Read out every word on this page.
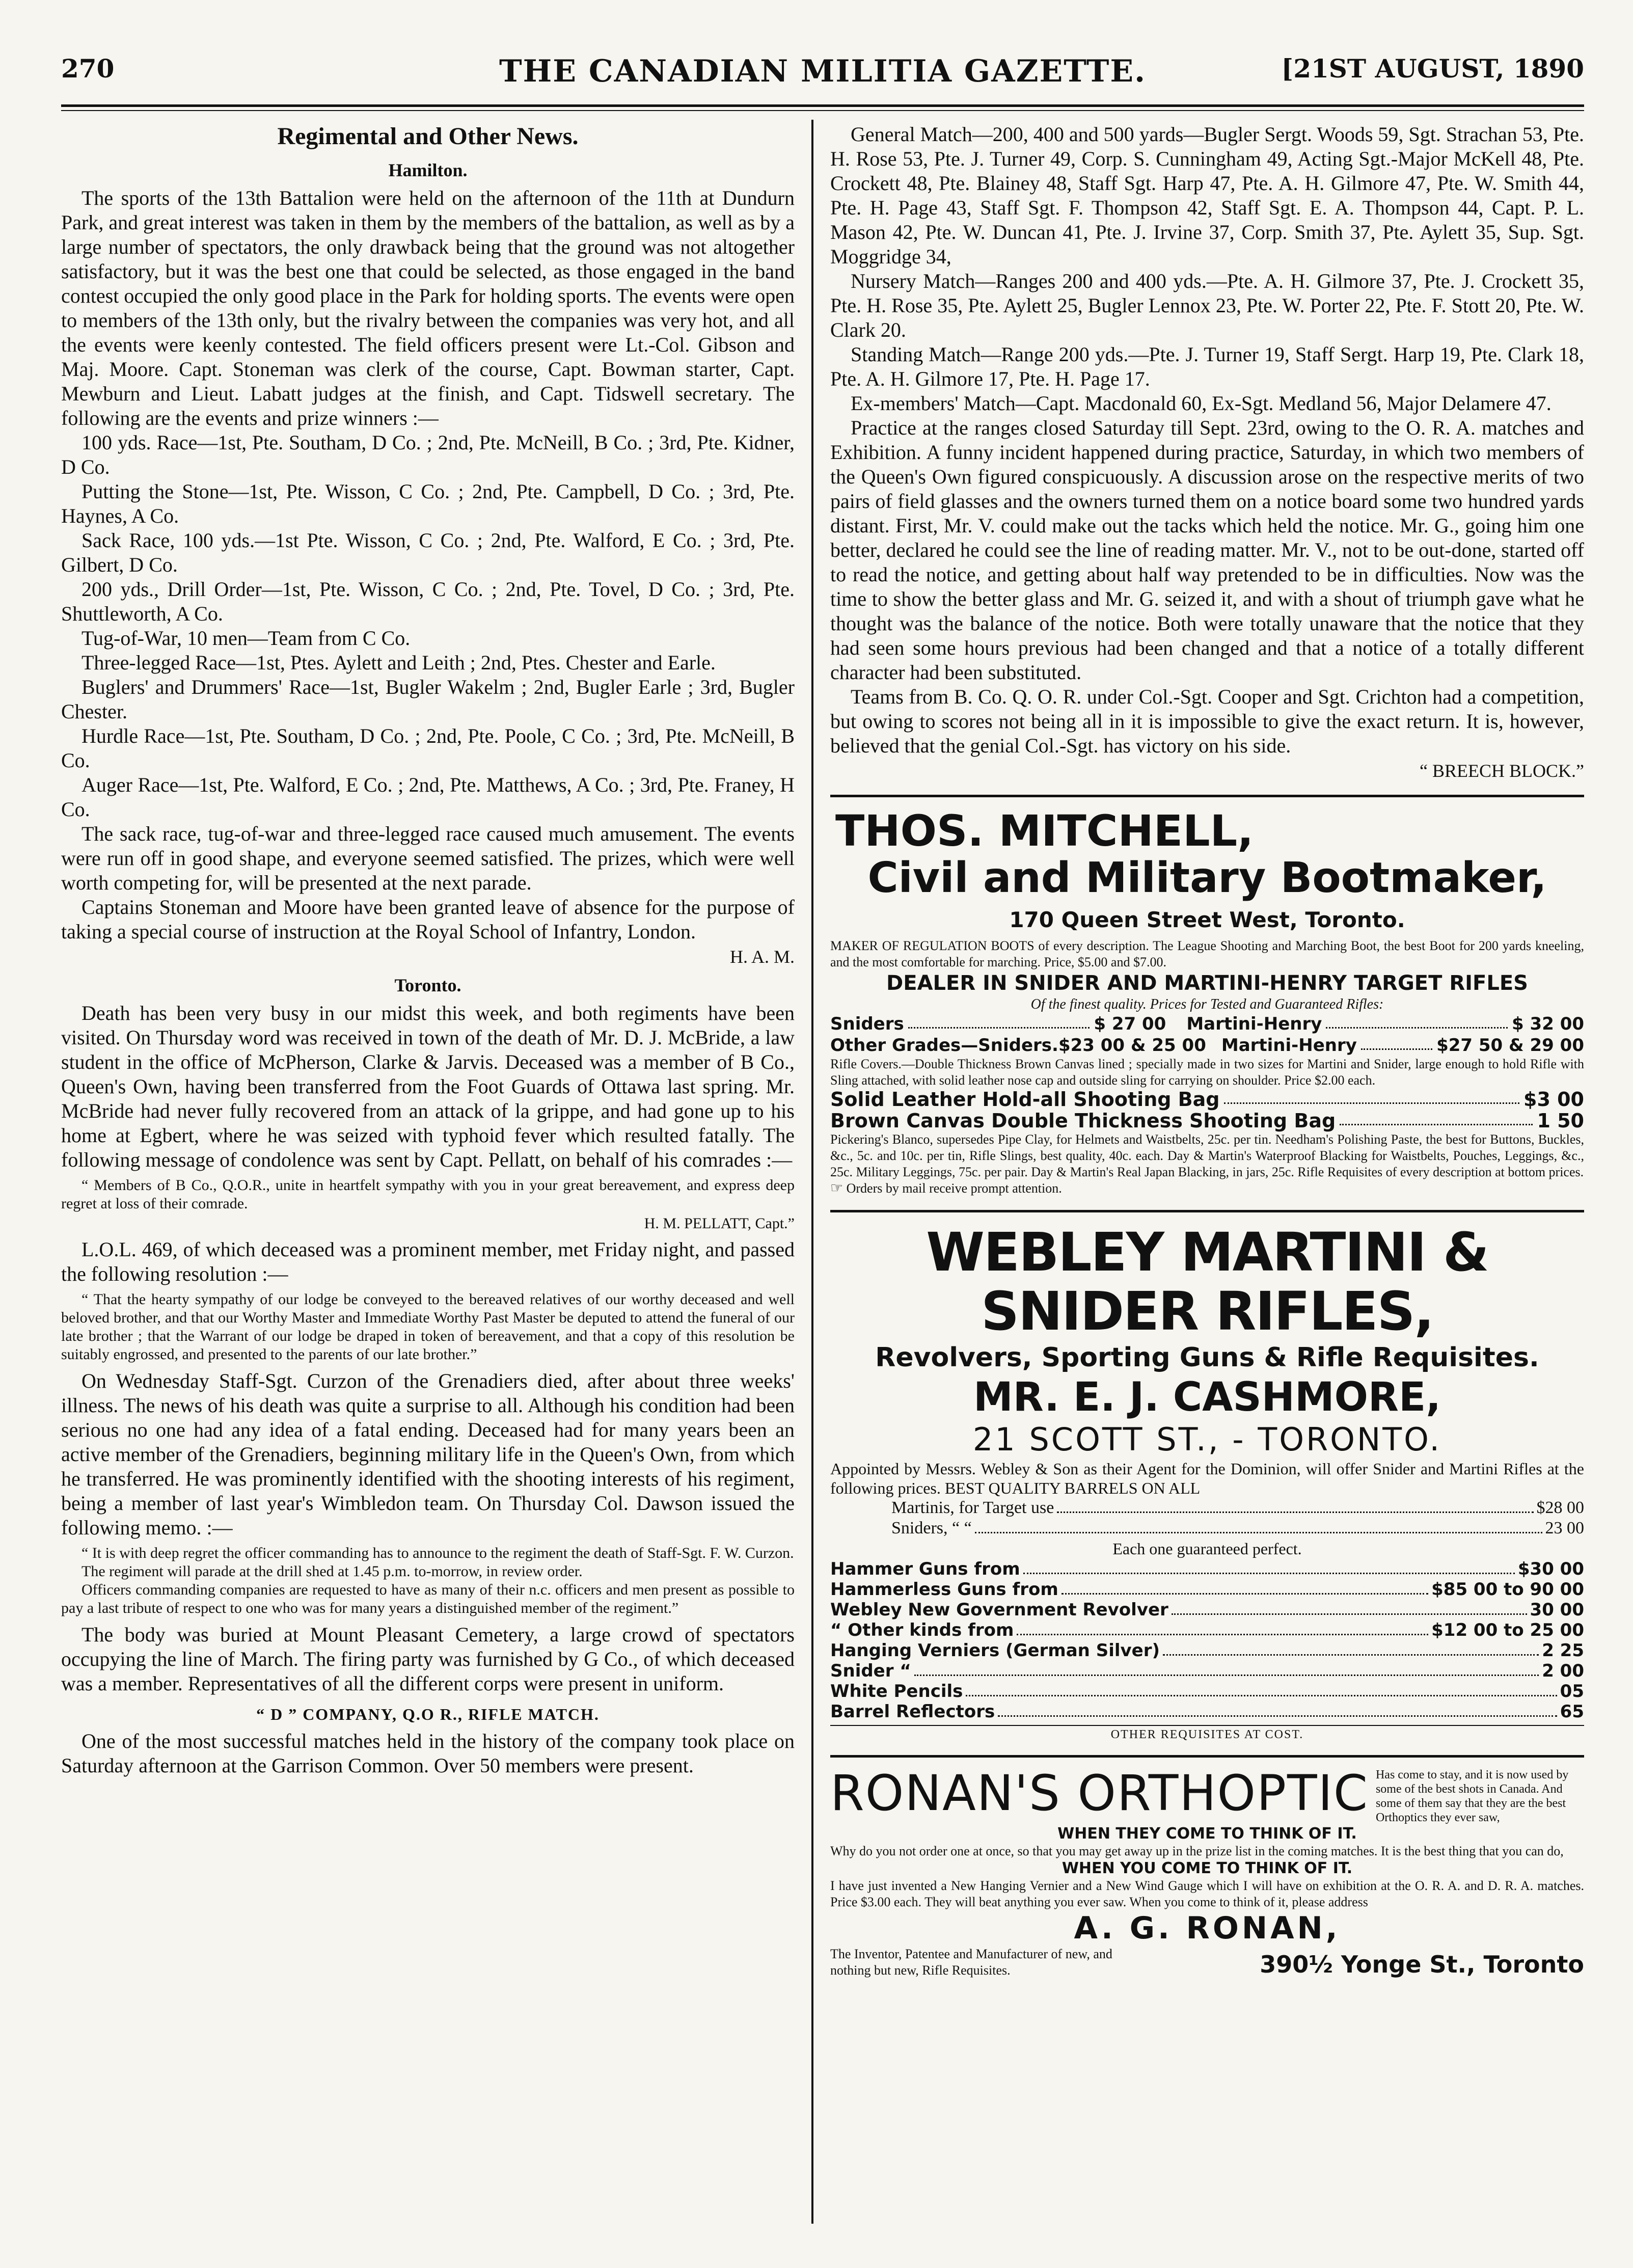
270	THE CANADIAN MILITIA GAZETTE.	[21ST AUGUST, 1890
Regimental and Other News.
Hamilton.

The sports of the 13th Battalion were held on the afternoon of the 11th at Dundurn Park, and great interest was taken in them by the members of the battalion, as well as by a large number of spectators, the only drawback being that the ground was not altogether satisfactory, but it was the best one that could be selected, as those engaged in the band contest occupied the only good place in the Park for holding sports. The events were open to members of the 13th only, but the rivalry between the companies was very hot, and all the events were keenly contested. The field officers present were Lt.-Col. Gibson and Maj. Moore. Capt. Stoneman was clerk of the course, Capt. Bowman starter, Capt. Mewburn and Lieut. Labatt judges at the finish, and Capt. Tidswell secretary. The following are the events and prize winners :—

100 yds. Race—1st, Pte. Southam, D Co. ; 2nd, Pte. McNeill, B Co. ; 3rd, Pte. Kidner, D Co.

Putting the Stone—1st, Pte. Wisson, C Co. ; 2nd, Pte. Campbell, D Co. ; 3rd, Pte. Haynes, A Co.

Sack Race, 100 yds.—1st Pte. Wisson, C Co. ; 2nd, Pte. Walford, E Co. ; 3rd, Pte. Gilbert, D Co.

200 yds., Drill Order—1st, Pte. Wisson, C Co. ; 2nd, Pte. Tovel, D Co. ; 3rd, Pte. Shuttleworth, A Co.

Tug-of-War, 10 men—Team from C Co.

Three-legged Race—1st, Ptes. Aylett and Leith ; 2nd, Ptes. Chester and Earle.

Buglers' and Drummers' Race—1st, Bugler Wakelm ; 2nd, Bugler Earle ; 3rd, Bugler Chester.

Hurdle Race—1st, Pte. Southam, D Co. ; 2nd, Pte. Poole, C Co. ; 3rd, Pte. McNeill, B Co.

Auger Race—1st, Pte. Walford, E Co. ; 2nd, Pte. Matthews, A Co. ; 3rd, Pte. Franey, H Co.

The sack race, tug-of-war and three-legged race caused much amusement. The events were run off in good shape, and everyone seemed satisfied. The prizes, which were well worth competing for, will be presented at the next parade.

Captains Stoneman and Moore have been granted leave of absence for the purpose of taking a special course of instruction at the Royal School of Infantry, London.

H. A. M.
Toronto.

Death has been very busy in our midst this week, and both regiments have been visited. On Thursday word was received in town of the death of Mr. D. J. McBride, a law student in the office of McPherson, Clarke & Jarvis. Deceased was a member of B Co., Queen's Own, having been transferred from the Foot Guards of Ottawa last spring. Mr. McBride had never fully recovered from an attack of la grippe, and had gone up to his home at Egbert, where he was seized with typhoid fever which resulted fatally. The following message of condolence was sent by Capt. Pellatt, on behalf of his comrades :—

“ Members of B Co., Q.O.R., unite in heartfelt sympathy with you in your great bereavement, and express deep regret at loss of their comrade.

H. M. PELLATT, Capt.”

L.O.L. 469, of which deceased was a prominent member, met Friday night, and passed the following resolution :—

“ That the hearty sympathy of our lodge be conveyed to the bereaved relatives of our worthy deceased and well beloved brother, and that our Worthy Master and Immediate Worthy Past Master be deputed to attend the funeral of our late brother ; that the Warrant of our lodge be draped in token of bereavement, and that a copy of this resolution be suitably engrossed, and presented to the parents of our late brother.”

On Wednesday Staff-Sgt. Curzon of the Grenadiers died, after about three weeks' illness. The news of his death was quite a surprise to all. Although his condition had been serious no one had any idea of a fatal ending. Deceased had for many years been an active member of the Grenadiers, beginning military life in the Queen's Own, from which he transferred. He was prominently identified with the shooting interests of his regiment, being a member of last year's Wimbledon team. On Thursday Col. Dawson issued the following memo. :—

“ It is with deep regret the officer commanding has to announce to the regiment the death of Staff-Sgt. F. W. Curzon.

The regiment will parade at the drill shed at 1.45 p.m. to-morrow, in review order.

Officers commanding companies are requested to have as many of their n.c. officers and men present as possible to pay a last tribute of respect to one who was for many years a distinguished member of the regiment.”

The body was buried at Mount Pleasant Cemetery, a large crowd of spectators occupying the line of March. The firing party was furnished by G Co., of which deceased was a member. Representatives of all the different corps were present in uniform.

“ D ” COMPANY, Q.O R., RIFLE MATCH.

One of the most successful matches held in the history of the company took place on Saturday afternoon at the Garrison Common. Over 50 members were present.

General Match—200, 400 and 500 yards—Bugler Sergt. Woods 59, Sgt. Strachan 53, Pte. H. Rose 53, Pte. J. Turner 49, Corp. S. Cunningham 49, Acting Sgt.-Major McKell 48, Pte. Crockett 48, Pte. Blainey 48, Staff Sgt. Harp 47, Pte. A. H. Gilmore 47, Pte. W. Smith 44, Pte. H. Page 43, Staff Sgt. F. Thompson 42, Staff Sgt. E. A. Thompson 44, Capt. P. L. Mason 42, Pte. W. Duncan 41, Pte. J. Irvine 37, Corp. Smith 37, Pte. Aylett 35, Sup. Sgt. Moggridge 34,

Nursery Match—Ranges 200 and 400 yds.—Pte. A. H. Gilmore 37, Pte. J. Crockett 35, Pte. H. Rose 35, Pte. Aylett 25, Bugler Lennox 23, Pte. W. Porter 22, Pte. F. Stott 20, Pte. W. Clark 20.

Standing Match—Range 200 yds.—Pte. J. Turner 19, Staff Sergt. Harp 19, Pte. Clark 18, Pte. A. H. Gilmore 17, Pte. H. Page 17.

Ex-members' Match—Capt. Macdonald 60, Ex-Sgt. Medland 56, Major Delamere 47.

Practice at the ranges closed Saturday till Sept. 23rd, owing to the O. R. A. matches and Exhibition. A funny incident happened during practice, Saturday, in which two members of the Queen's Own figured conspicuously. A discussion arose on the respective merits of two pairs of field glasses and the owners turned them on a notice board some two hundred yards distant. First, Mr. V. could make out the tacks which held the notice. Mr. G., going him one better, declared he could see the line of reading matter. Mr. V., not to be out-done, started off to read the notice, and getting about half way pretended to be in difficulties. Now was the time to show the better glass and Mr. G. seized it, and with a shout of triumph gave what he thought was the balance of the notice. Both were totally unaware that the notice that they had seen some hours previous had been changed and that a notice of a totally different character had been substituted.

Teams from B. Co. Q. O. R. under Col.-Sgt. Cooper and Sgt. Crichton had a competition, but owing to scores not being all in it is impossible to give the exact return. It is, however, believed that the genial Col.-Sgt. has victory on his side.

“ BREECH BLOCK.”
THOS. MITCHELL,
Civil and Military Bootmaker,
170 Queen Street West, Toronto.
MAKER OF REGULATION BOOTS of every description. The League Shooting and Marching Boot, the best Boot for 200 yards kneeling, and the most comfortable for marching. Price, $5.00 and $7.00.
DEALER IN SNIDER AND MARTINI-HENRY TARGET RIFLES
Of the finest quality. Prices for Tested and Guaranteed Rifles:
Sniders	$ 27 00 Martini-Henry	$ 32 00
Other Grades—Sniders.$23 00 & 25 00 Martini-Henry	$27 50 & 29 00
Rifle Covers.—Double Thickness Brown Canvas lined ; specially made in two sizes for Martini and Snider, large enough to hold Rifle with Sling attached, with solid leather nose cap and outside sling for carrying on shoulder. Price $2.00 each.
Solid Leather Hold-all Shooting Bag	$3 00
Brown Canvas Double Thickness Shooting Bag	1 50
Pickering's Blanco, supersedes Pipe Clay, for Helmets and Waistbelts, 25c. per tin. Needham's Polishing Paste, the best for Buttons, Buckles, &c., 5c. and 10c. per tin, Rifle Slings, best quality, 40c. each. Day & Martin's Waterproof Blacking for Waistbelts, Pouches, Leggings, &c., 25c. Military Leggings, 75c. per pair. Day & Martin's Real Japan Blacking, in jars, 25c. Rifle Requisites of every description at bottom prices.
☞ Orders by mail receive prompt attention.
WEBLEY MARTINI & SNIDER RIFLES,
Revolvers, Sporting Guns & Rifle Requisites.
MR. E. J. CASHMORE,
21 SCOTT ST., - TORONTO.
Appointed by Messrs. Webley & Son as their Agent for the Dominion, will offer Snider and Martini Rifles at the following prices. BEST QUALITY BARRELS ON ALL
Martinis, for Target use	$28 00
Sniders, “ “	23 00
Each one guaranteed perfect.
Hammer Guns from	$30 00
Hammerless Guns from	$85 00 to 90 00
Webley New Government Revolver	30 00
“ Other kinds from	$12 00 to 25 00
Hanging Verniers (German Silver)	2 25
Snider “	2 00
White Pencils	05
Barrel Reflectors	65
OTHER REQUISITES AT COST.
RONAN'S ORTHOPTIC Has come to stay, and it is now used by some of the best shots in Canada. And some of them say that they are the best Orthoptics they ever saw,
WHEN THEY COME TO THINK OF IT.
Why do you not order one at once, so that you may get away up in the prize list in the coming matches. It is the best thing that you can do,
WHEN YOU COME TO THINK OF IT.
I have just invented a New Hanging Vernier and a New Wind Gauge which I will have on exhibition at the O. R. A. and D. R. A. matches. Price $3.00 each. They will beat anything you ever saw. When you come to think of it, please address
A. G. RONAN,
The Inventor, Patentee and Manufacturer of new, and nothing but new, Rifle Requisites.	390½ Yonge St., Toronto
